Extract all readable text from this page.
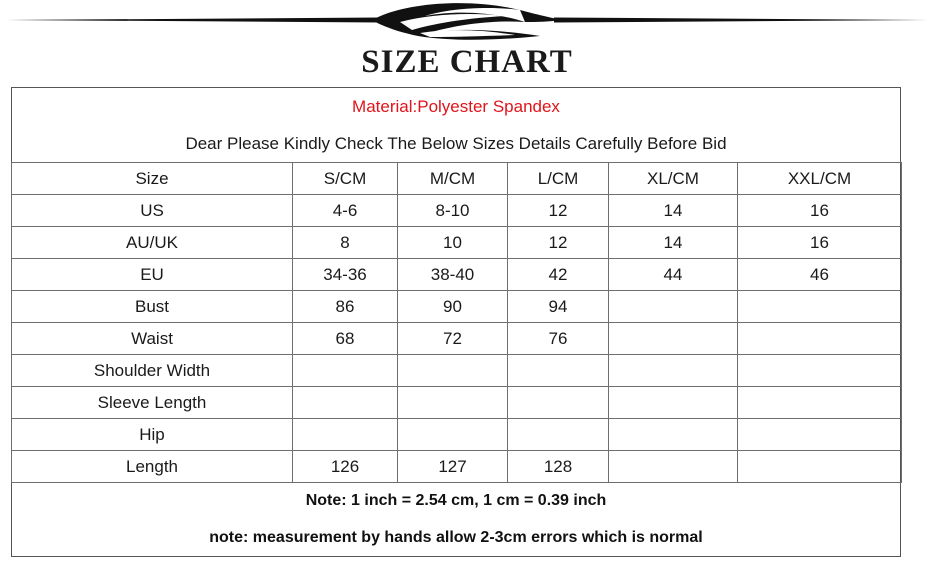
SIZE CHART
Material:Polyester Spandex
Dear Please Kindly Check The Below Sizes Details Carefully Before Bid
Size	S/CM	M/CM	L/CM	XL/CM	XXL/CM
US	4-6	8-10	12	14	16
AU/UK	8	10	12	14	16
EU	34-36	38-40	42	44	46
Bust	86	90	94		
Waist	68	72	76		
Shoulder Width					
Sleeve Length					
Hip					
Length	126	127	128		
Note: 1 inch = 2.54 cm, 1 cm = 0.39 inch
note: measurement by hands allow 2-3cm errors which is normal
